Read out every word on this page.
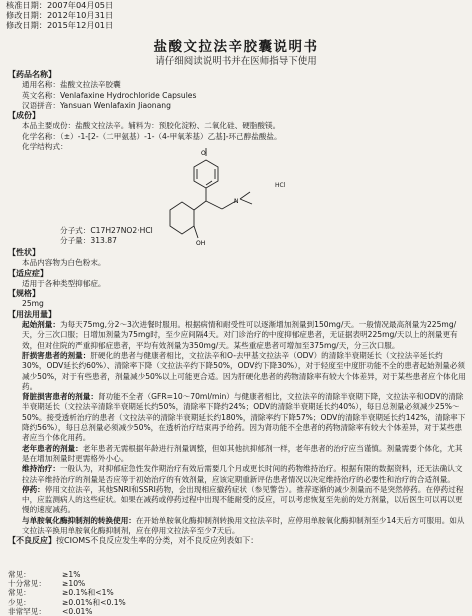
核准日期：2007年04月05日
修改日期：2012年10月31日
修改日期：2015年12月01日
盐酸文拉法辛胶囊说明书
请仔细阅读说明书并在医师指导下使用

【药品名称】

通用名称：盐酸文拉法辛胶囊

英文名称：Venlafaxine Hydrochloride Capsules

汉语拼音：Yansuan Wenlafaxin Jiaonang

【成份】

本品主要成份：盐酸文拉法辛。辅料为：预胶化淀粉、二氧化硅、硬脂酸镁。

化学名称：（±）-1-[2-（二甲氨基）-1-（4-甲氧苯基）乙基]-环己醇盐酸盐。

化学结构式：

O
N
OH
HCl

分子式：C17H27NO2·HCl

分子量：313.87

【性状】

本品内容物为白色粉末。

【适应症】

适用于各种类型抑郁症。

【规格】

25mg

【用法用量】

起始剂量：为每天75mg,分2～3次进餐时服用。根据病情和耐受性可以逐渐增加剂量到150mg/天。一般情况最高剂量为225mg/天，分三次口服；日增加剂量为75mg时，至少应间隔4天。对门诊治疗的中度抑郁症患者，无证据表明225mg/天以上的剂量更有效，但对住院的严重抑郁症患者，平均有效剂量为350mg/天。某些重症患者可增加至375mg/天，分三次口服。

肝损害患者的剂量：肝硬化的患者与健康者相比，文拉法辛和O-去甲基文拉法辛（ODV）的清除半衰期延长（文拉法辛延长约30%，ODV延长约60%）、清除率下降（文拉法辛约下降50%，ODV约下降30%），对于轻度至中度肝功能不全的患者起始剂量必须减少50%，对于有些患者，剂量减少50%以上可能更合适。因为肝硬化患者的药物清除率有较大个体差异，对于某些患者应个体化用药。

肾脏损害患者的剂量：肾功能不全者（GFR=10～70ml/min）与健康者相比，文拉法辛的清除半衰期下降，文拉法辛和ODV的清除半衰期延长（文拉法辛清除半衰期延长约50%，清除率下降约24%；ODV的清除半衰期延长约40%），每日总剂量必须减少25%～50%。接受透析治疗的患者（文拉法辛的清除半衰期延长约180%，清除率约下降57%；ODV的清除半衰期延长约142%，清除率下降约56%），每日总剂量必须减少50%，在透析治疗结束再予给药。因为肾功能不全患者的药物清除率有较大个体差异，对于某些患者应当个体化用药。

老年患者的剂量：老年患者无需根据年龄进行剂量调整，但如其他抗抑郁剂一样，老年患者的治疗应当谨慎。剂量需要个体化，尤其是在增加剂量时更需格外小心。

维持治疗：一般认为，对抑郁症急性发作期治疗有效后需要几个月或更长时间的药物维持治疗。根据有限的数据资料，还无法确认文拉法辛维持治疗的剂量是否应等于初始治疗的有效剂量，应该定期重新评估患者情况以决定维持治疗的必要性和治疗的合适剂量。

停药：停用文拉法辛，其他SNRI和SSRI药物，会出现相应撤药症状（参见警告）。推荐逐渐的减少剂量而不是突然停药。在停药过程中，应监测病人的这些症状。如果在减药或停药过程中出现不能耐受的反应，可以考虑恢复至先前的处方剂量，以后医生可以再以更慢的速度减药。

与单胺氧化酶抑制剂的转换使用：在开始单胺氧化酶抑制剂转换用文拉法辛时，应停用单胺氧化酶抑制剂至少14天后方可服用。如从文拉法辛换用单胺氧化酶抑制剂，应在停用文拉法辛至少7天后。

【不良反应】按CIOMS不良反应发生率的分类，对不良反应列表如下：

常见：	≥1%
十分常见：	≥10%
常见：	≥0.1%和<1%
少见：	≥0.01%和<0.1%
非常罕见：	<0.01%
